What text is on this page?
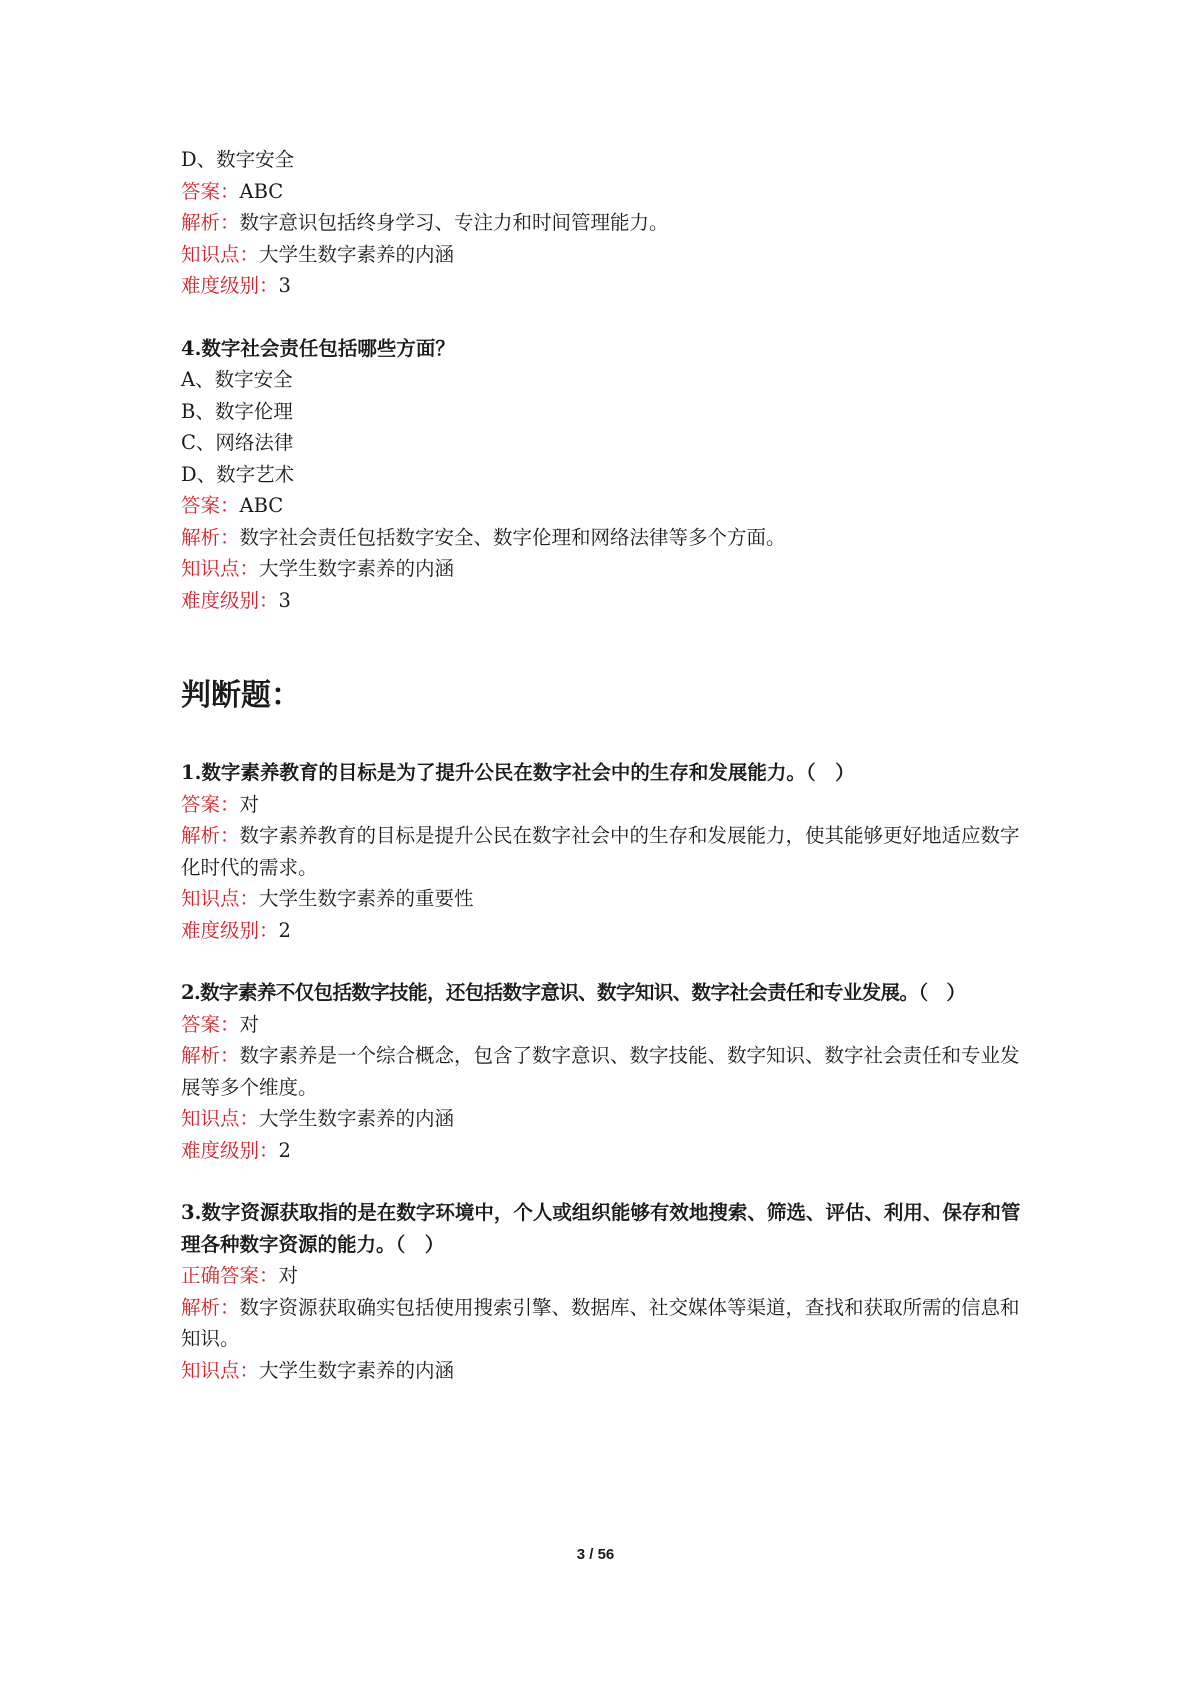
D、数字安全
答案：ABC
解析：数字意识包括终身学习、专注力和时间管理能力。
知识点：大学生数字素养的内涵
难度级别：3
4.数字社会责任包括哪些方面？
A、数字安全
B、数字伦理
C、网络法律
D、数字艺术
答案：ABC
解析：数字社会责任包括数字安全、数字伦理和网络法律等多个方面。
知识点：大学生数字素养的内涵
难度级别：3
判断题：
1.数字素养教育的目标是为了提升公民在数字社会中的生存和发展能力。（　）
答案：对
解析：数字素养教育的目标是提升公民在数字社会中的生存和发展能力，使其能够更好地适应数字化时代的需求。
知识点：大学生数字素养的重要性
难度级别：2
2.数字素养不仅包括数字技能，还包括数字意识、数字知识、数字社会责任和专业发展。（　）
答案：对
解析：数字素养是一个综合概念，包含了数字意识、数字技能、数字知识、数字社会责任和专业发展等多个维度。
知识点：大学生数字素养的内涵
难度级别：2
3.数字资源获取指的是在数字环境中，个人或组织能够有效地搜索、筛选、评估、利用、保存和管理各种数字资源的能力。（　）
正确答案：对
解析：数字资源获取确实包括使用搜索引擎、数据库、社交媒体等渠道，查找和获取所需的信息和知识。
知识点：大学生数字素养的内涵
3 / 56
